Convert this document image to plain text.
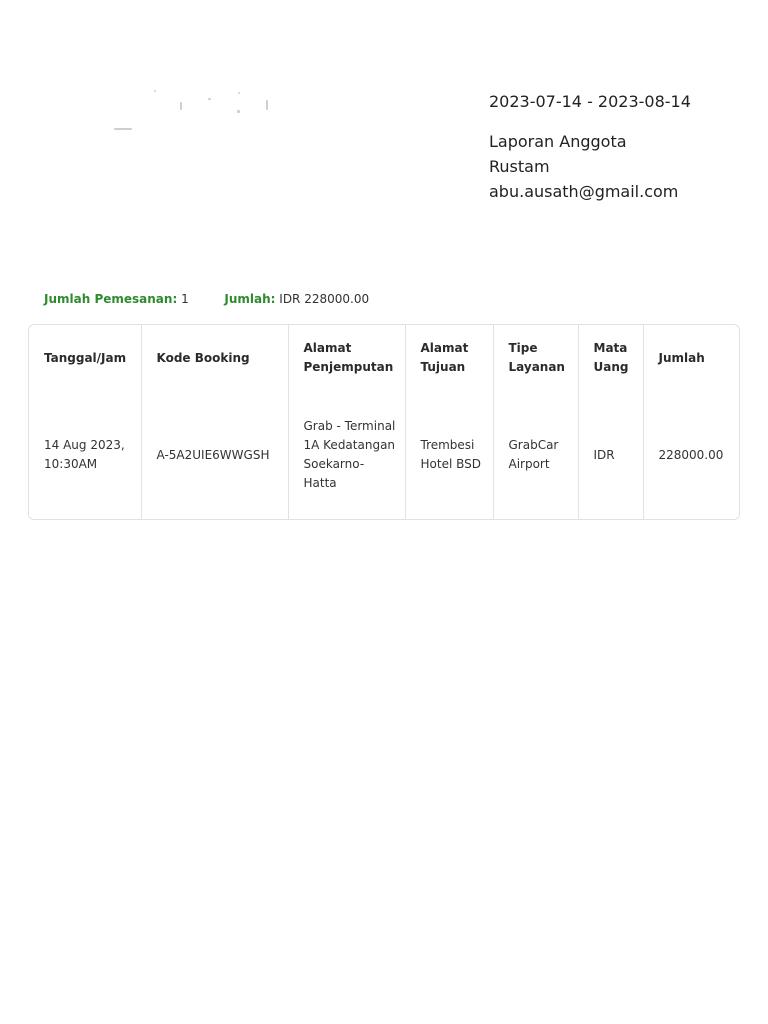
2023-07-14 - 2023-08-14
Laporan Anggota
Rustam
abu.ausath@gmail.com
Jumlah Pemesanan: 1	Jumlah: IDR 228000.00
Tanggal/Jam	Kode Booking	Alamat Penjemputan	Alamat Tujuan	Tipe Layanan	Mata Uang	Jumlah
14 Aug 2023, 10:30AM	A-5A2UIE6WWGSH	Grab - Terminal 1A Kedatangan Soekarno-Hatta	Trembesi Hotel BSD	GrabCar Airport	IDR	228000.00
